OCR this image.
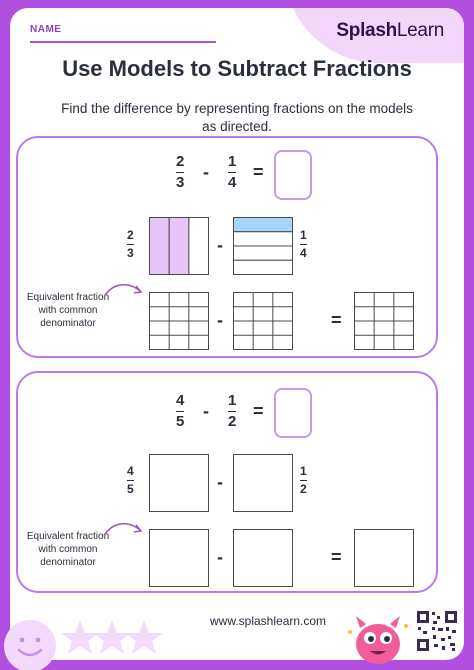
NAME	SplashLearn
Use Models to Subtract Fractions
Find the difference by representing fractions on the models as directed.
2
3
-
1
4
=
2
3	-	1
4
Equivalent fraction with common denominator	-	=
4
5
-
1
2
=
4
5	-
1
2
Equivalent fraction with common denominator	-	=
www.splashlearn.com
